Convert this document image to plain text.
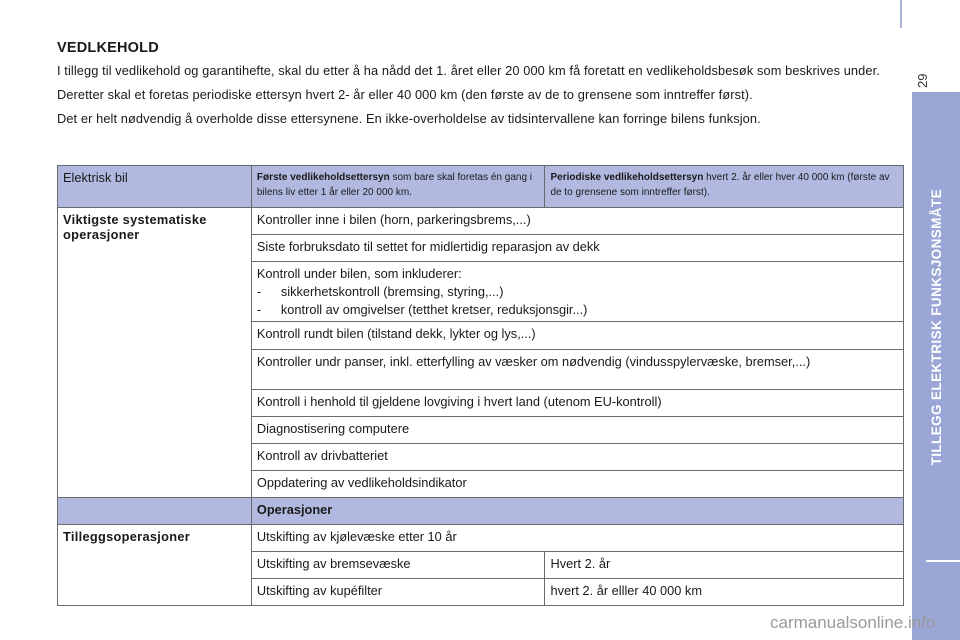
29
TILLEGG ELEKTRISK FUNKSJONSMÅTE
VEDLKEHOLD

I tillegg til vedlikehold og garantihefte, skal du etter å ha nådd det 1. året eller 20 000 km få foretatt en vedlikeholdsbesøk som beskrives under.

Deretter skal et foretas periodiske ettersyn hvert 2- år eller 40 000 km (den første av de to grensene som inntreffer først).

Det er helt nødvendig å overholde disse ettersynene. En ikke-overholdelse av tidsintervallene kan forringe bilens funksjon.

Elektrisk bil	Første vedlikeholdsettersyn som bare skal foretas én gang i bilens liv etter 1 år eller 20 000 km.	Periodiske vedlikeholdsettersyn hvert 2. år eller hver 40 000 km (første av de to grensene som inntreffer først).
Viktigste systematiske operasjoner	Kontroller inne i bilen (horn, parkeringsbrems,...)	
	Siste forbruksdato til settet for midlertidig reparasjon av dekk	

	Kontroll under bilen, som inkluderer:
- sikkerhetskontroll (bremsing, styring,...)
- kontroll av omgivelser (tetthet kretser, reduksjonsgir...)	

	Kontroll rundt bilen (tilstand dekk, lykter og lys,...)	
	Kontroller undr panser, inkl. etterfylling av væsker om nødvendig (vindusspylervæske, bremser,...)	
	Kontroll i henhold til gjeldene lovgiving i hvert land (utenom EU-kontroll)	
	Diagnostisering computere	
	Kontroll av drivbatteriet	
	Oppdatering av vedlikeholdsindikator	
	Operasjoner	
Tilleggsoperasjoner	Utskifting av kjølevæske etter 10 år	
	Utskifting av bremsevæske	Hvert 2. år
	Utskifting av kupéfilter	hvert 2. år elller 40 000 km
carmanualsonline.info
